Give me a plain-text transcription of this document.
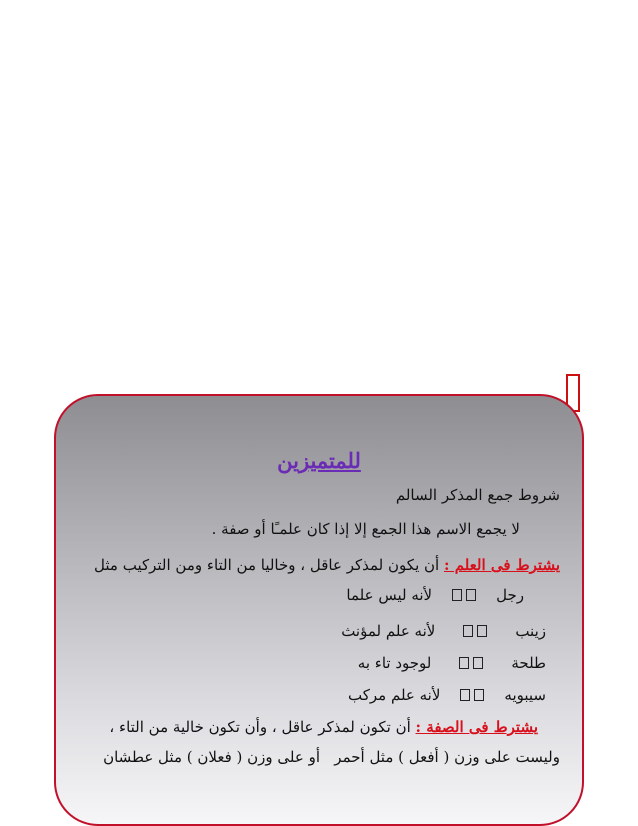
للمتميزين
شروط جمع المذكر السالم
لا يجمع الاسم هذا الجمع إلا إذا كان علمـًا أو صفة .
يشترط فى العلم : أن يكون لمذكر عاقل ، وخاليا من التاء ومن التركيب مثل
رجللأنه ليس علما
زينبلأنه علم لمؤنث
طلحةلوجود تاء به
سيبويهلأنه علم مركب
يشترط فى الصفة : أن تكون لمذكر عاقل ، وأن تكون خالية من التاء ،
وليست على وزن ( أفعل ) مثل أحمر   أو على وزن ( فعلان ) مثل عطشان
